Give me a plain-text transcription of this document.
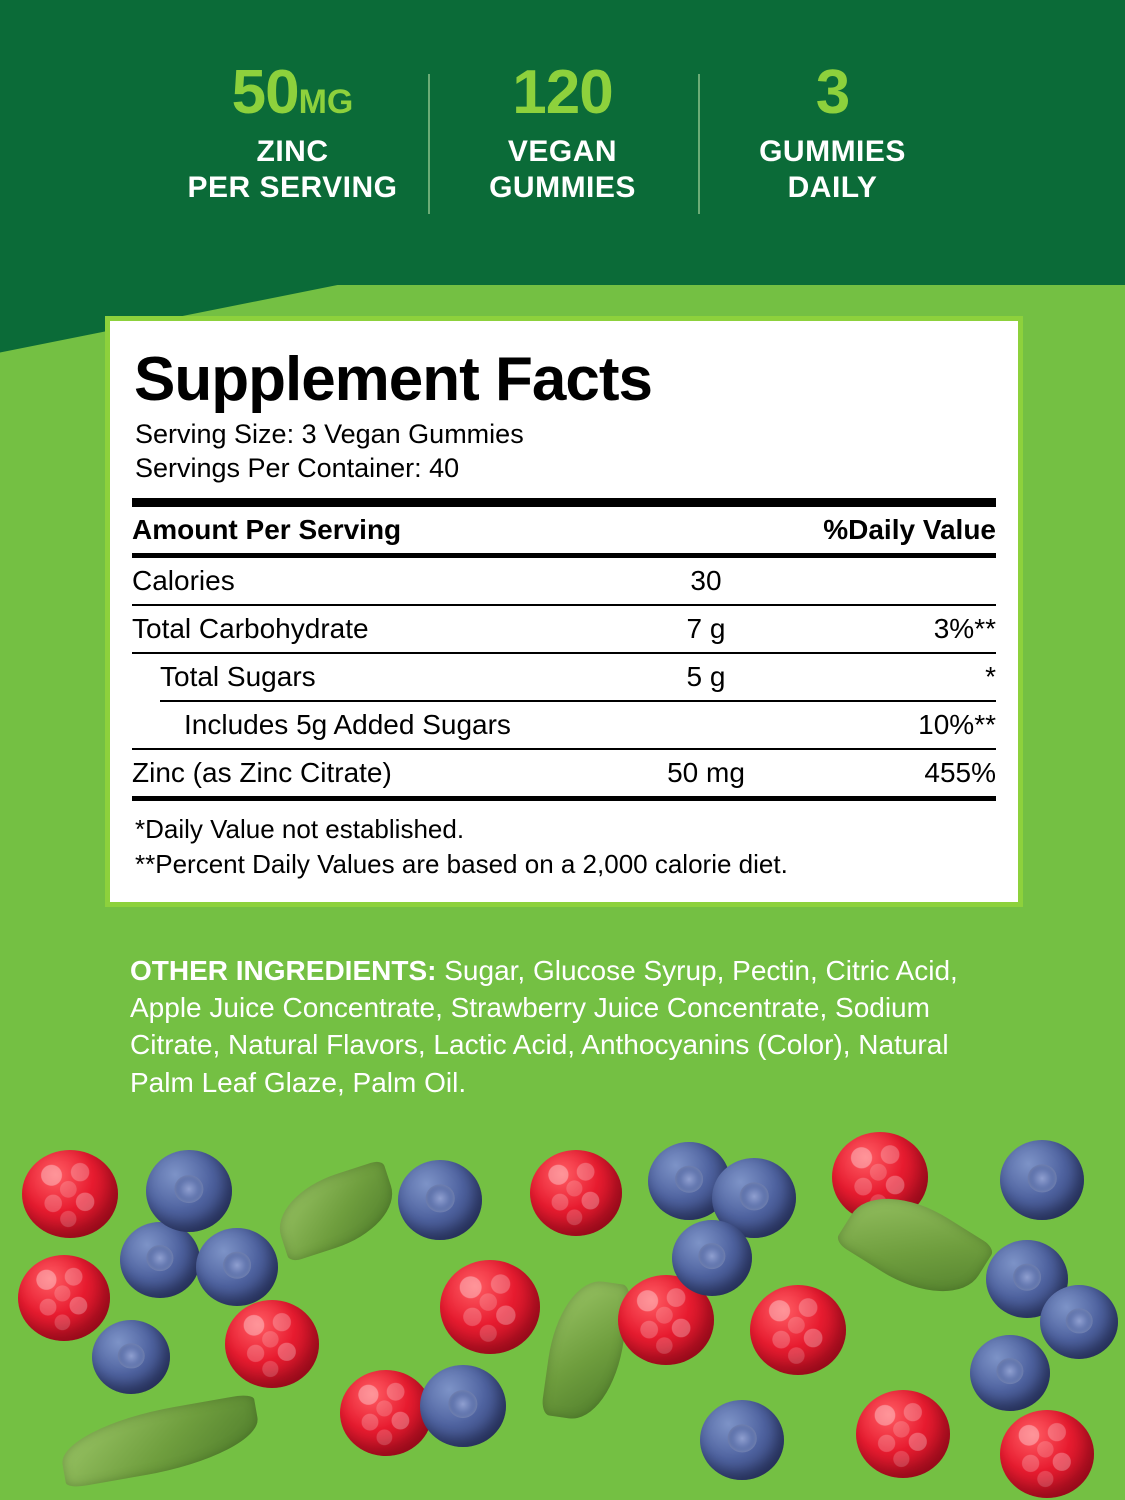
50MG
ZINC
PER SERVING
120
VEGAN
GUMMIES
3
GUMMIES
DAILY
Supplement Facts
Serving Size: 3 Vegan Gummies
Servings Per Container: 40
Amount Per Serving		%Daily Value
Calories	30	
Total Carbohydrate	7 g	3%**
Total Sugars	5 g	*
Includes 5g Added Sugars		10%**
Zinc (as Zinc Citrate)	50 mg	455%
*Daily Value not established.
**Percent Daily Values are based on a 2,000 calorie diet.
OTHER INGREDIENTS: Sugar, Glucose Syrup, Pectin, Citric Acid, Apple Juice Concentrate, Strawberry Juice Concentrate, Sodium Citrate, Natural Flavors, Lactic Acid, Anthocyanins (Color), Natural Palm Leaf Glaze, Palm Oil.
